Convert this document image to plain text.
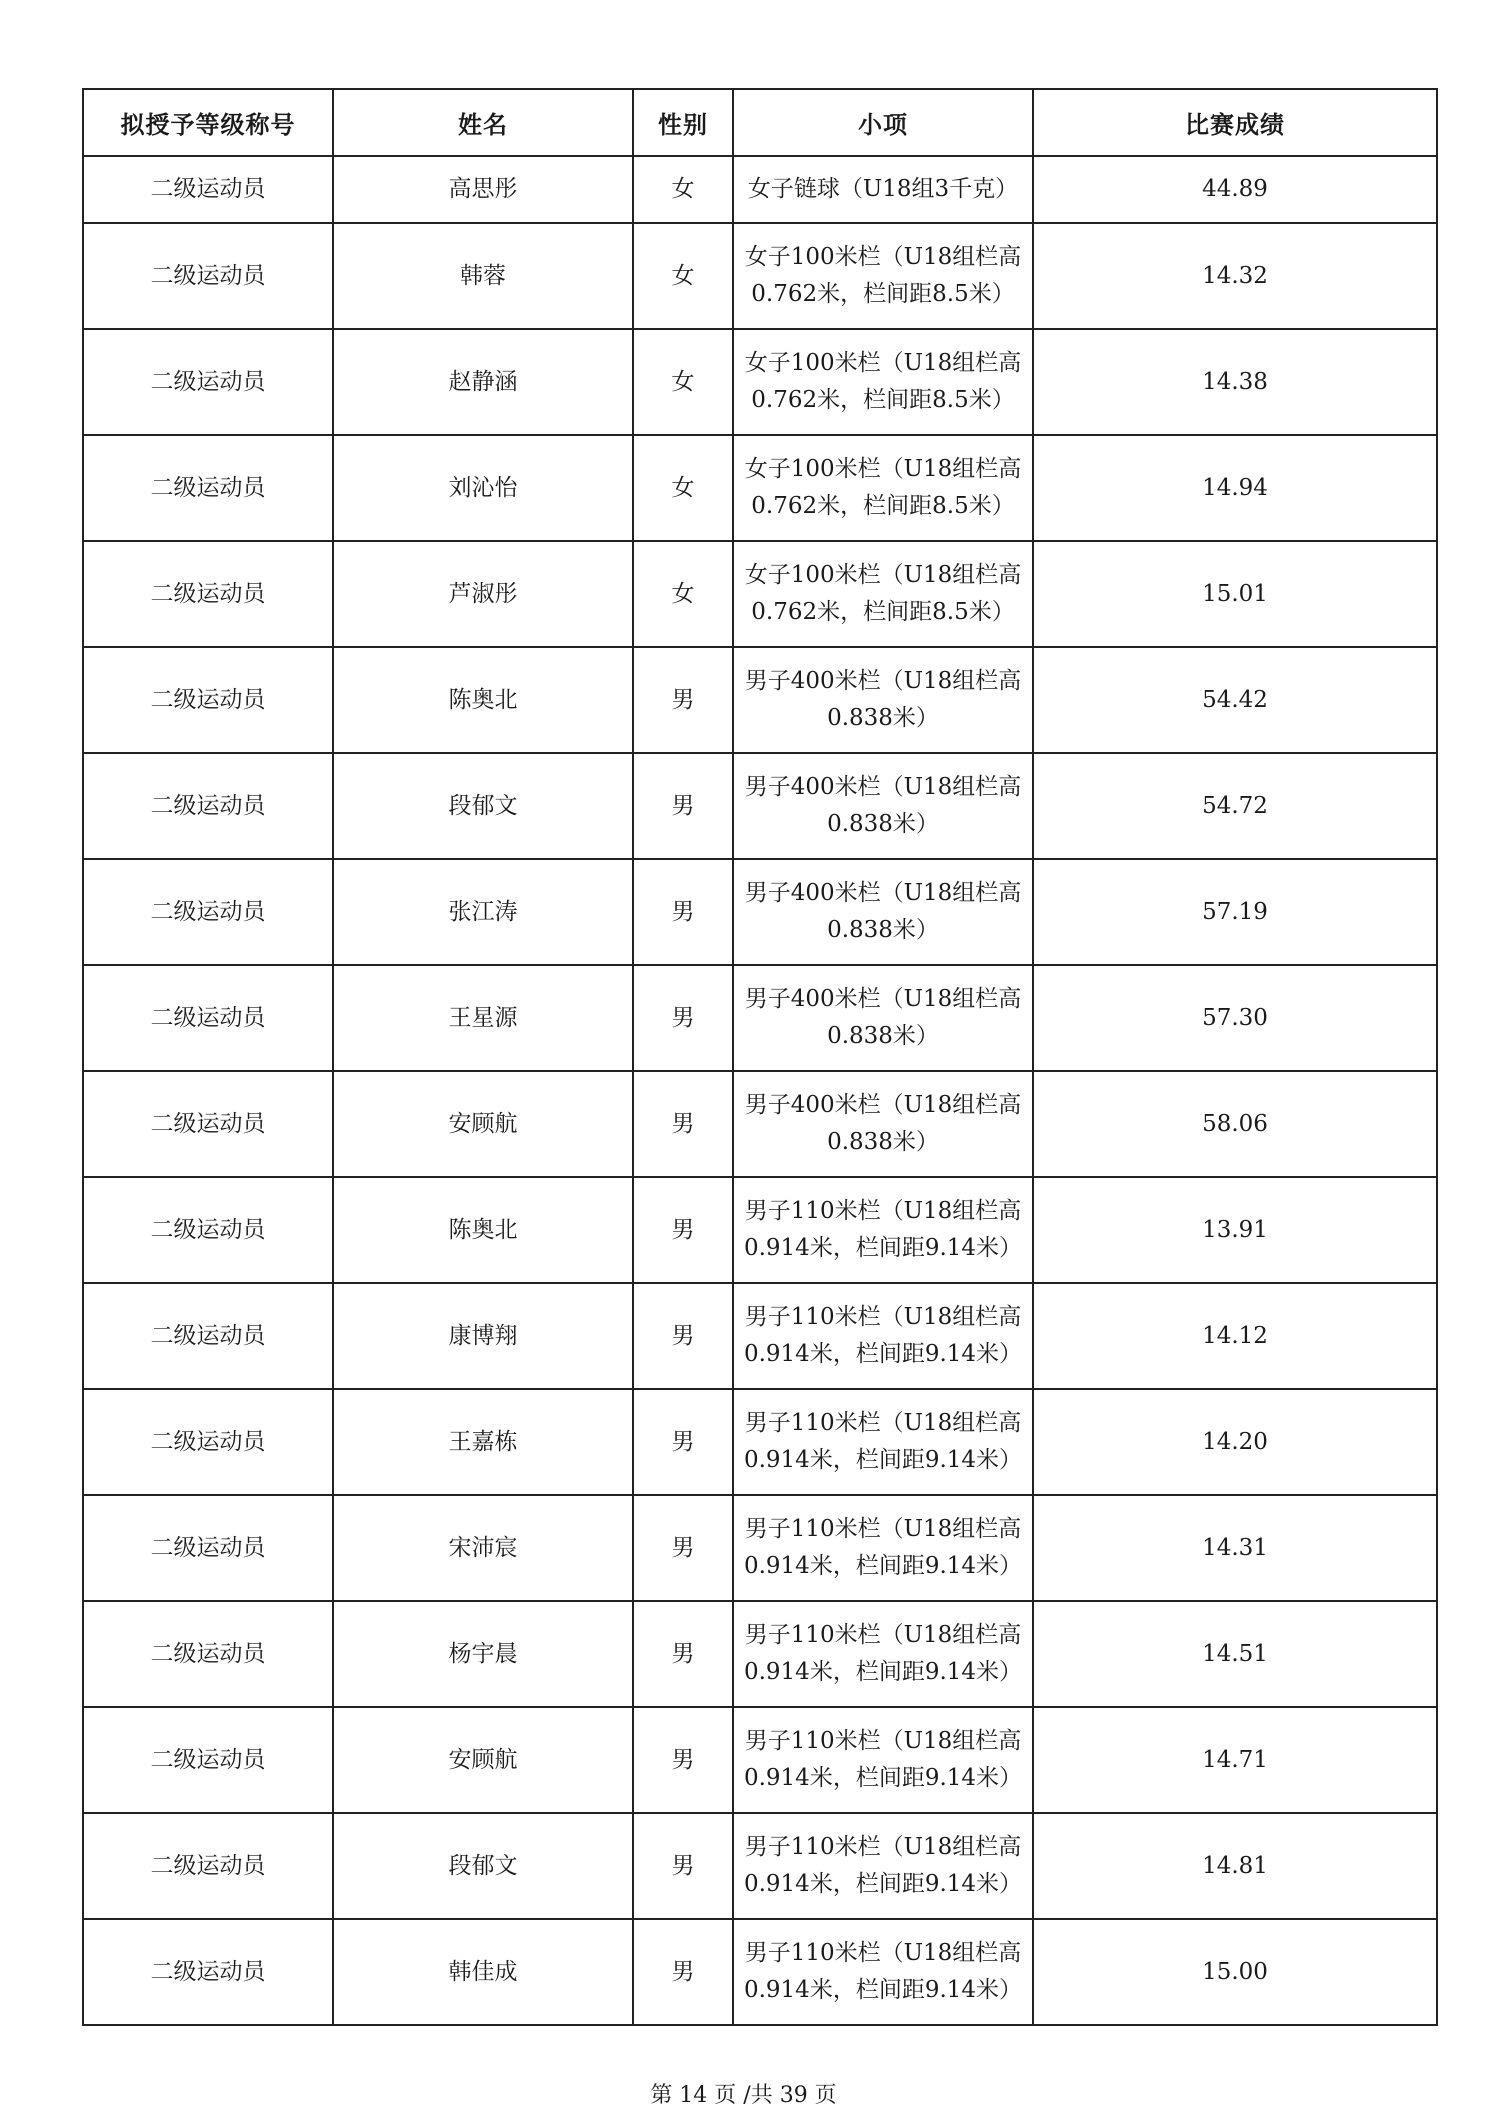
拟授予等级称号	姓名	性别	小项	比赛成绩
二级运动员	高思彤	女	女子链球（U18组3千克）	44.89
二级运动员	韩蓉	女	女子100米栏（U18组栏高
0.762米，栏间距8.5米）	14.32
二级运动员	赵静涵	女	女子100米栏（U18组栏高
0.762米，栏间距8.5米）	14.38
二级运动员	刘沁怡	女	女子100米栏（U18组栏高
0.762米，栏间距8.5米）	14.94
二级运动员	芦淑彤	女	女子100米栏（U18组栏高
0.762米，栏间距8.5米）	15.01
二级运动员	陈奥北	男	男子400米栏（U18组栏高
0.838米）	54.42
二级运动员	段郁文	男	男子400米栏（U18组栏高
0.838米）	54.72
二级运动员	张江涛	男	男子400米栏（U18组栏高
0.838米）	57.19
二级运动员	王星源	男	男子400米栏（U18组栏高
0.838米）	57.30
二级运动员	安顾航	男	男子400米栏（U18组栏高
0.838米）	58.06
二级运动员	陈奥北	男	男子110米栏（U18组栏高
0.914米，栏间距9.14米）	13.91
二级运动员	康博翔	男	男子110米栏（U18组栏高
0.914米，栏间距9.14米）	14.12
二级运动员	王嘉栋	男	男子110米栏（U18组栏高
0.914米，栏间距9.14米）	14.20
二级运动员	宋沛宸	男	男子110米栏（U18组栏高
0.914米，栏间距9.14米）	14.31
二级运动员	杨宇晨	男	男子110米栏（U18组栏高
0.914米，栏间距9.14米）	14.51
二级运动员	安顾航	男	男子110米栏（U18组栏高
0.914米，栏间距9.14米）	14.71
二级运动员	段郁文	男	男子110米栏（U18组栏高
0.914米，栏间距9.14米）	14.81
二级运动员	韩佳成	男	男子110米栏（U18组栏高
0.914米，栏间距9.14米）	15.00
第 14 页 /共 39 页
